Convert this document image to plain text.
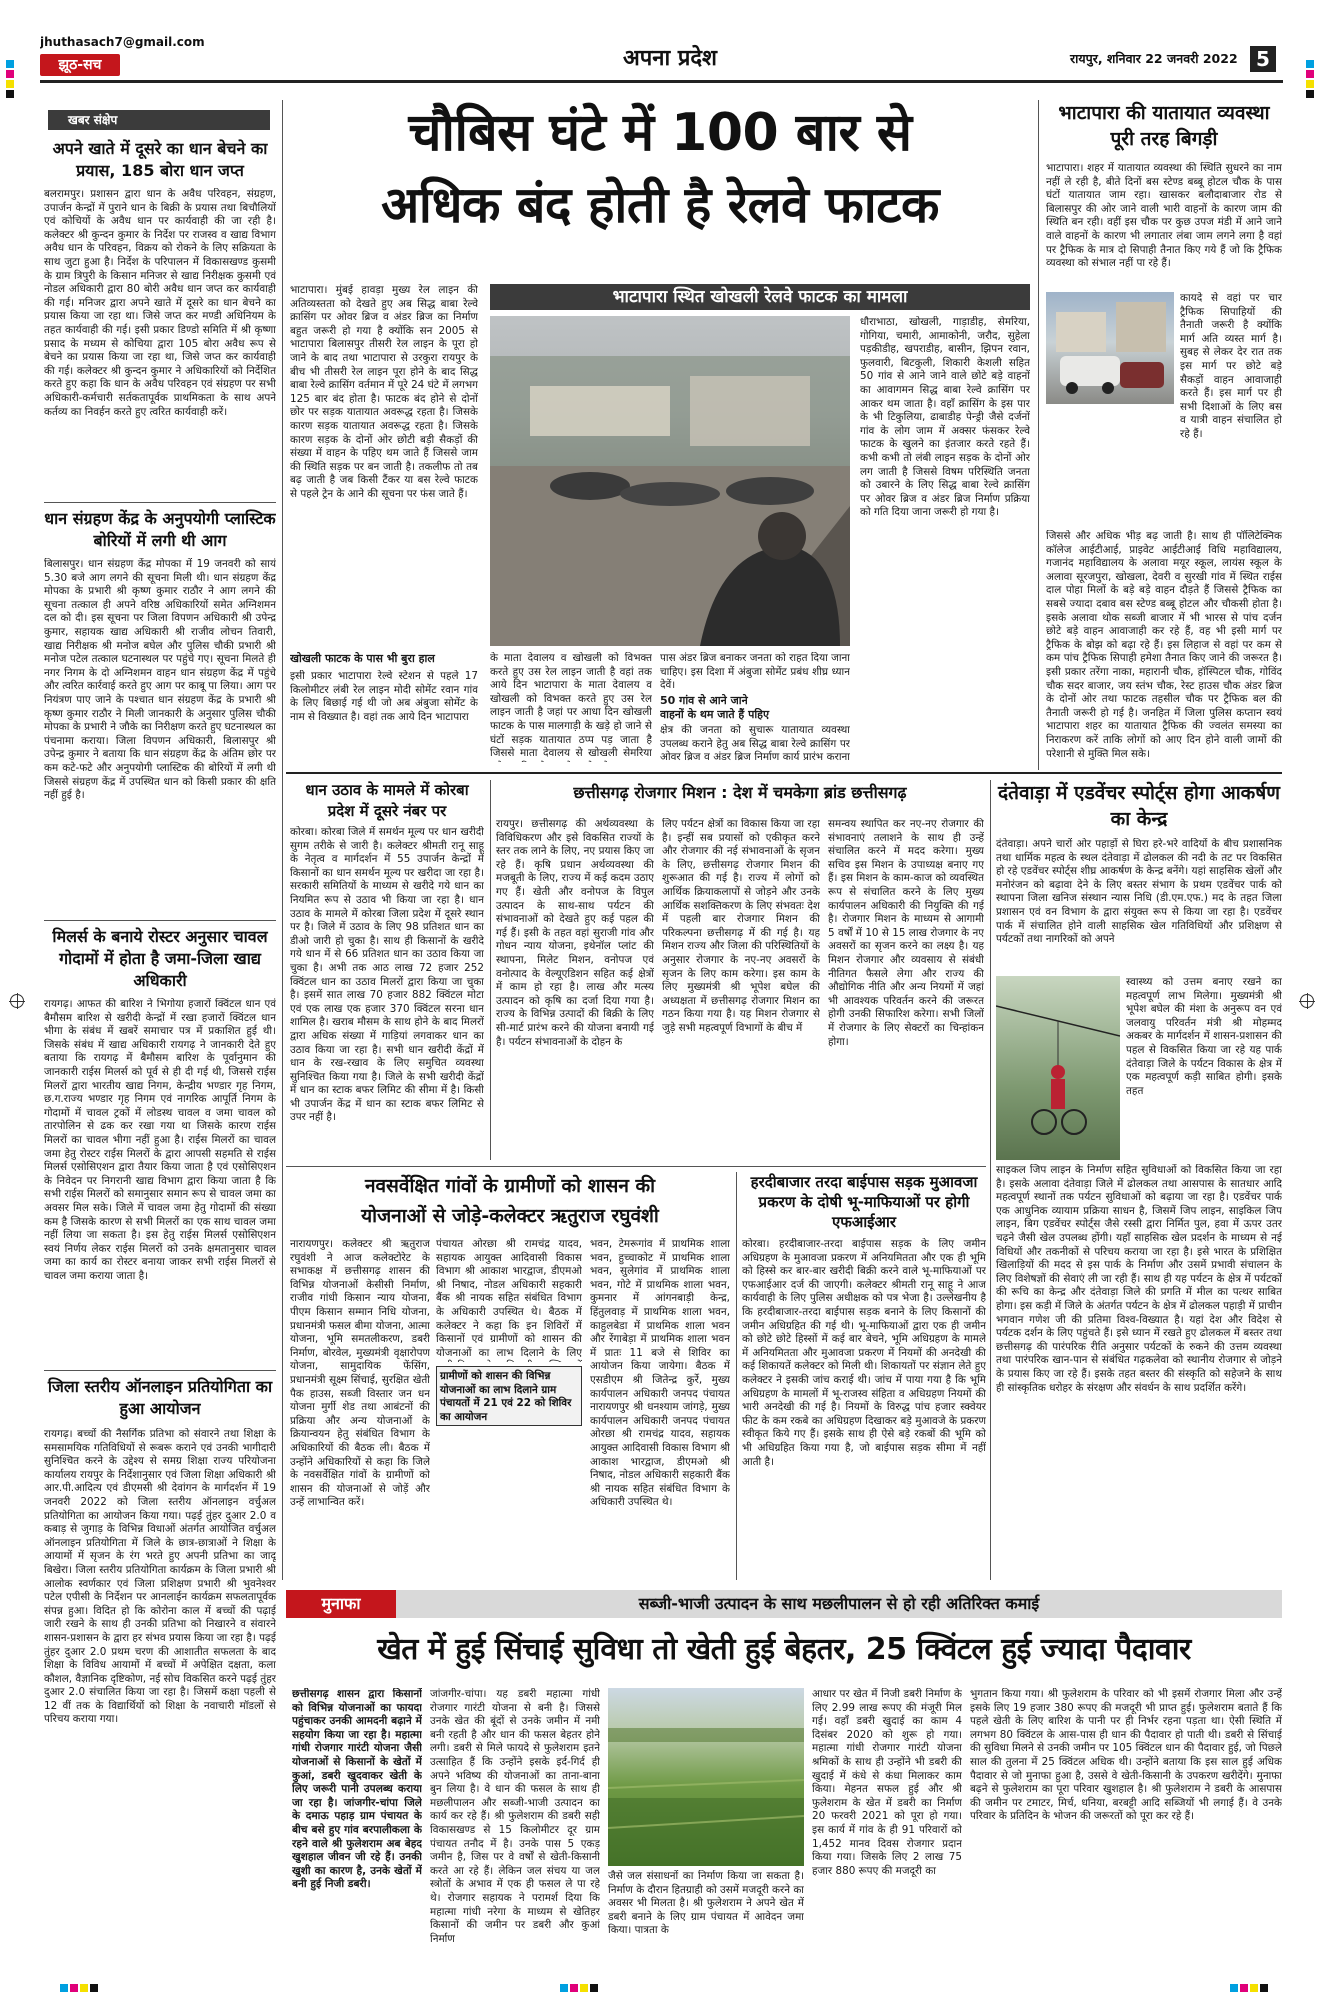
jhuthasach7@gmail.com
झूठ-सच	अपना प्रदेश	रायपुर, शनिवार 22 जनवरी 2022 5
खबर संक्षेप
अपने खाते में दूसरे का धान बेचने का प्रयास, 185 बोरा धान जप्त
बलरामपुर। प्रशासन द्वारा धान के अवैध परिवहन, संग्रहण, उपार्जन केन्द्रों में पुराने धान के बिक्री के प्रयास तथा बिचौलियों एवं कोचियों के अवैध धान पर कार्यवाही की जा रही है। कलेक्टर श्री कुन्दन कुमार के निर्देश पर राजस्व व खाद्य विभाग अवैध धान के परिवहन, विक्रय को रोकने के लिए सक्रियता के साथ जुटा हुआ है। निर्देश के परिपालन में विकासखण्ड कुसमी के ग्राम त्रिपुरी के किसान मनिजर से खाद्य निरीक्षक कुसमी एवं नोडल अधिकारी द्वारा 80 बोरी अवैध धान जप्त कर कार्यवाही की गई। मनिजर द्वारा अपने खाते में दूसरे का धान बेचने का प्रयास किया जा रहा था। जिसे जप्त कर मण्डी अधिनियम के तहत कार्यवाही की गई। इसी प्रकार डिण्डो समिति में श्री कृष्णा प्रसाद के मध्यम से कोचिया द्वारा 105 बोरा अवैध रूप से बेचने का प्रयास किया जा रहा था, जिसे जप्त कर कार्यवाही की गई। कलेक्टर श्री कुन्दन कुमार ने अधिकारियों को निर्देशित करते हुए कहा कि धान के अवैध परिवहन एवं संग्रहण पर सभी अधिकारी-कर्मचारी सर्तकतापूर्वक प्राथमिकता के साथ अपने कर्तव्य का निवर्हन करते हुए त्वरित कार्यवाही करें।
धान संग्रहण केंद्र के अनुपयोगी प्लास्टिक बोरियों में लगी थी आग
बिलासपुर। धान संग्रहण केंद्र मोपका में 19 जनवरी को सायं 5.30 बजे आग लगने की सूचना मिली थी। धान संग्रहण केंद्र मोपका के प्रभारी श्री कृष्ण कुमार राठौर ने आग लगने की सूचना तत्काल ही अपने वरिष्ठ अधिकारियों समेत अग्निशमन दल को दी। इस सूचना पर जिला विपणन अधिकारी श्री उपेन्द्र कुमार, सहायक खाद्य अधिकारी श्री राजीव लोचन तिवारी, खाद्य निरीक्षक श्री मनोज बघेल और पुलिस चौकी प्रभारी श्री मनोज पटेल तत्काल घटनास्थल पर पहुंचे गए। सूचना मिलते ही नगर निगम के दो अग्निशमन वाहन धान संग्रहण केंद्र में पहुंचे और त्वरित कार्रवाई करते हुए आग पर काबू पा लिया। आग पर नियंत्रण पाए जाने के पश्चात धान संग्रहण केंद्र के प्रभारी श्री कृष्ण कुमार राठौर ने मिली जानकारी के अनुसार पुलिस चौकी मोपका के प्रभारी ने जौके का निरीक्षण करते हुए घटनास्थल का पंचनामा कराया। जिला विपणन अधिकारी, बिलासपुर श्री उपेन्द्र कुमार ने बताया कि धान संग्रहण केंद्र के अंतिम छोर पर कम कटे-फटे और अनुपयोगी प्लास्टिक की बोरियों में लगी थी जिससे संग्रहण केंद्र में उपस्थित धान को किसी प्रकार की क्षति नहीं हुई है।
मिलर्स के बनाये रोस्टर अनुसार चावल गोदामों में होता है जमा-जिला खाद्य अधिकारी
रायगढ़। आफत की बारिश ने भिगोया हजारों क्विंटल धान एवं बैमौसम बारिश से खरीदी केन्द्रों में रखा हजारों क्विंटल धान भीगा के संबंध में खबरें समाचार पत्र में प्रकाशित हुई थी। जिसके संबंध में खाद्य अधिकारी रायगढ़ ने जानकारी देते हुए बताया कि रायगढ़ में बैमौसम बारिश के पूर्वानुमान की जानकारी राईस मिलर्स को पूर्व से ही दी गई थी, जिससे राईस मिलरों द्वारा भारतीय खाद्य निगम, केन्द्रीय भण्डार गृह निगम, छ.ग.राज्य भण्डार गृह निगम एवं नागरिक आपूर्ति निगम के गोदामों में चावल ट्रकों में लोडस्थ चावल व जमा चावल को तारपोलिन से ढक कर रखा गया था जिसके कारण राईस मिलरों का चावल भीगा नहीं हुआ है। राईस मिलरों का चावल जमा हेतु रोस्टर राईस मिलरों के द्वारा आपसी सहमति से राईस मिलर्स एसोसिएशन द्वारा तैयार किया जाता है एवं एसोसिएशन के निवेदन पर निगरानी खाद्य विभाग द्वारा किया जाता है कि सभी राईस मिलरों को समानुसार समान रूप से चावल जमा का अवसर मिल सके। जिले में चावल जमा हेतु गोदामों की संख्या कम है जिसके कारण से सभी मिलरों का एक साथ चावल जमा नहीं लिया जा सकता है। इस हेतु राईस मिलर्स एसोसिएशन स्वयं निर्णय लेकर राईस मिलरों को उनके क्षमतानुसार चावल जमा का कार्य का रोस्टर बनाया जाकर सभी राईस मिलरों से चावल जमा कराया जाता है।
जिला स्तरीय ऑनलाइन प्रतियोगिता का हुआ आयोजन
रायगढ़। बच्चों की नैसर्गिक प्रतिभा को संवारने तथा शिक्षा के समसामयिक गतिविधियों से रूबरू कराने एवं उनकी भागीदारी सुनिश्चित करने के उद्देश्य से समग्र शिक्षा राज्य परियोजना कार्यालय रायपुर के निर्देशानुसार एवं जिला शिक्षा अधिकारी श्री आर.पी.आदित्य एवं डीएमसी श्री देवांगन के मार्गदर्शन में 19 जनवरी 2022 को जिला स्तरीय ऑनलाइन वर्चुअल प्रतियोगिता का आयोजन किया गया। पढ़ई तुंहर दुआर 2.0 व कबाड़ से जुगाड़ के विभिन्न विधाओं अंतर्गत आयोजित वर्चुअल ऑनलाइन प्रतियोगिता में जिले के छात्र-छात्राओं ने शिक्षा के आयामों में सृजन के रंग भरते हुए अपनी प्रतिभा का जादू बिखेरा। जिला स्तरीय प्रतियोगिता कार्यक्रम के जिला प्रभारी श्री आलोक स्वर्णकार एवं जिला प्रशिक्षण प्रभारी श्री भुवनेश्वर पटेल एपीसी के निर्देशन पर आनलाईन कार्यक्रम सफलतापूर्वक संपन्न हुआ। विदित हो कि कोरोना काल में बच्चों की पढ़ाई जारी रखने के साथ ही उनकी प्रतिभा को निखारने व संवारने शासन-प्रशासन के द्वारा हर संभव प्रयास किया जा रहा है। पढ़ई तुंहर दुआर 2.0 प्रथम चरण की आशातीत सफलता के बाद शिक्षा के विविध आयामों में बच्चों में अपेक्षित दक्षता, कला कौशल, वैज्ञानिक दृष्टिकोण, नई सोच विकसित करने पढ़ई तुंहर दुआर 2.0 संचालित किया जा रहा है। जिसमें कक्षा पहली से 12 वीं तक के विद्यार्थियों को शिक्षा के नवाचारी मॉडलों से परिचय कराया गया।
चौबिस घंटे में 100 बार से
अधिक बंद होती है रेलवे फाटक
भाटापारा स्थित खोखली रेलवे फाटक का मामला
भाटापारा। मुंबई हावड़ा मुख्य रेल लाइन की अतिव्यस्तता को देखते हुए अब सिद्ध बाबा रेल्वे क्रासिंग पर ओवर ब्रिज व अंडर ब्रिज का निर्माण बहुत जरूरी हो गया है क्योंकि सन 2005 से भाटापारा बिलासपुर तीसरी रेल लाइन के पूरा हो जाने के बाद तथा भाटापारा से उरकुरा रायपुर के बीच भी तीसरी रेल लाइन पूरा होने के बाद सिद्ध बाबा रेल्वे क्रासिंग वर्तमान में पूरे 24 घंटे में लगभग 125 बार बंद होता है। फाटक बंद होने से दोनों छोर पर सड़क यातायात अवरूद्ध रहता है। जिसके कारण सड़क यातायात अवरूद्ध रहता है। जिसके कारण सड़क के दोनों ओर छोटी बड़ी सैकड़ों की संख्या में वाहन के पहिए थम जाते हैं जिससे जाम की स्थिति सड़क पर बन जाती है। तकलीफ तो तब बढ़ जाती है जब किसी टैंकर या बस रेल्वे फाटक से पहले ट्रेन के आने की सूचना पर फंस जाते हैं।
खोखली फाटक के पास भी बुरा हाल
इसी प्रकार भाटापारा रेल्वे स्टेशन से पहले 17 किलोमीटर लंबी रेल लाइन मोदी सोमेंट रवान गांव के लिए बिछाई गई थी जो अब अंबुजा सोमेंट के नाम से विख्यात है। वहां तक आये दिन भाटापारा
के माता देवालय व खोखली को विभक्त करते हुए उस रेल लाइन जाती है वहां तक आये दिन भाटापारा के माता देवालय व खोखली को विभक्त करते हुए उस रेल लाइन जाती है जहां पर आधा दिन खोखली फाटक के पास मालगाड़ी के खड़े हो जाने से घंटों सड़क यातायात ठप्प पड़ जाता है जिससे माता देवालय से खोखली सेमरिया
पास अंडर ब्रिज बनाकर जनता को राहत दिया जाना चाहिए। इस दिशा में अंबुजा सोमेंट प्रबंध शीघ्र ध्यान देवें।
50 गांव से आने जाने
वाहनों के थम जाते हैं पहिए
क्षेत्र की जनता को सुचारू यातायात व्यवस्था उपलब्ध कराने हेतु अब सिद्ध बाबा रेल्वे क्रासिंग पर ओवर ब्रिज व अंडर ब्रिज निर्माण कार्य प्रारंभ कराना
धौराभाठा, खोखली, गाड़ाडीह, सेमरिया, गोगिया, चमारी, आमाकोनी, जरौद, सुहेला पड़कीडीह, खपराडीह, बासीन, झिपन रवान, फुलवारी, बिटकुली, शिकारी केशली सहित 50 गांव से आने जाने वाले छोटे बड़े वाहनों का आवागमन सिद्ध बाबा रेल्वे क्रासिंग पर आकर थम जाता है। वहाँ क्रासिंग के इस पार के भी टिकुलिया, ढाबाडीह पेन्ड्री जैसे दर्जनों गांव के लोग जाम में अक्सर फंसकर रेल्वे फाटक के खुलने का इंतजार करते रहते हैं। कभी कभी तो लंबी लाइन सड़क के दोनों ओर लग जाती है जिससे विषम परिस्थिति जनता को उबारने के लिए सिद्ध बाबा रेल्वे क्रासिंग पर ओवर ब्रिज व अंडर ब्रिज निर्माण प्रक्रिया को गति दिया जाना जरूरी हो गया है।
भाटापारा की यातायात व्यवस्था पूरी तरह बिगड़ी
भाटापारा। शहर में यातायात व्यवस्था की स्थिति सुधरने का नाम नहीं ले रही है, बीते दिनों बस स्टेण्ड बब्बू होटल चौक के पास घंटों यातायात जाम रहा। खासकर बलौदाबाजार रोड से बिलासपुर की ओर जाने वाली भारी वाहनों के कारण जाम की स्थिति बन रही। वहीं इस चौक पर कुछ उपज मंडी में आने जाने वाले वाहनों के कारण भी लगातार लंबा जाम लगने लगा है वहां पर ट्रैफिक के मात्र दो सिपाही तैनात किए गये हैं जो कि ट्रैफिक व्यवस्था को संभाल नहीं पा रहे हैं।
कायदे से वहां पर चार ट्रैफिक सिपाहियों की तैनाती जरूरी है क्योंकि मार्ग अति व्यस्त मार्ग है। सुबह से लेकर देर रात तक इस मार्ग पर छोटे बड़े सैकड़ों वाहन आवाजाही करते हैं। इस मार्ग पर ही सभी दिशाओं के लिए बस व यात्री वाहन संचालित हो रहे हैं।
जिससे और अधिक भीड़ बढ़ जाती है। साथ ही पॉलिटेक्निक कॉलेज आईटीआई, प्राइवेट आईटीआई विधि महाविद्यालय, गजानंद महाविद्यालय के अलावा मयूर स्कूल, लायंस स्कूल के अलावा सूरजपुरा, खोखला, देवरी व सुरखी गांव में स्थित राईस दाल पोहा मिलों के बड़े बड़े वाहन दौड़ते हैं जिससे ट्रैफिक का सबसे ज्यादा दबाव बस स्टेण्ड बब्बू होटल और चौकसी होता है। इसके अलावा थोक सब्जी बाजार में भी भारस से पांच दर्जन छोटे बड़े वाहन आवाजाही कर रहे हैं, वह भी इसी मार्ग पर ट्रैफिक के बोझ को बढ़ा रहे हैं। इस लिहाज से वहां पर कम से कम पांच ट्रैफिक सिपाही हमेशा तैनात किए जाने की जरूरत है। इसी प्रकार तरेंगा नाका, महारानी चौक, हॉस्पिटल चौक, गोविंद चौक सदर बाजार, जय स्तंभ चौक, रेस्ट हाउस चौक अंडर ब्रिज के दोनों ओर तथा फाटक तहसील चौक पर ट्रैफिक बल की तैनाती जरूरी हो गई है। जनहित में जिला पुलिस कप्तान स्वयं भाटापारा शहर का यातायात ट्रैफिक की ज्वलंत समस्या का निराकरण करें ताकि लोगों को आए दिन होने वाली जामों की परेशानी से मुक्ति मिल सके।
धान उठाव के मामले में कोरबा प्रदेश में दूसरे नंबर पर
कोरबा। कोरबा जिले में समर्थन मूल्य पर धान खरीदी सुगम तरीके से जारी है। कलेक्टर श्रीमती रानू साहू के नेतृत्व व मार्गदर्शन में 55 उपार्जन केन्द्रों में किसानों का धान समर्थन मूल्य पर खरीदा जा रहा है। सरकारी समितियों के माध्यम से खरीदे गये धान का नियमित रूप से उठाव भी किया जा रहा है। धान उठाव के मामले में कोरबा जिला प्रदेश में दूसरे स्थान पर है। जिले में उठाव के लिए 98 प्रतिशत धान का डीओ जारी हो चुका है। साथ ही किसानों के खरीदे गये धान में से 66 प्रतिशत धान का उठाव किया जा चुका है। अभी तक आठ लाख 72 हजार 252 क्विंटल धान का उठाव मिलरों द्वारा किया जा चुका है। इसमें सात लाख 70 हजार 882 क्विंटल मोटा एवं एक लाख एक हजार 370 क्विंटल सरना धान शामिल है। खराब मौसम के साथ होने के बाद मिलरों द्वारा अधिक संख्या में गाड़ियां लगवाकर धान का उठाव किया जा रहा है। सभी धान खरीदी केंद्रों में धान के रख-रखाव के लिए समुचित व्यवस्था सुनिश्चित किया गया है। जिले के सभी खरीदी केंद्रों में धान का स्टाक बफर लिमिट की सीमा में है। किसी भी उपार्जन केंद्र में धान का स्टाक बफर लिमिट से उपर नहीं है।
छत्तीसगढ़ रोजगार मिशन : देश में चमकेगा ब्रांड छत्तीसगढ़
रायपुर। छत्तीसगढ़ की अर्थव्यवस्था के विविधिकरण और इसे विकसित राज्यों के स्तर तक लाने के लिए, नए प्रयास किए जा रहे हैं। कृषि प्रधान अर्थव्यवस्था की मजबूती के लिए, राज्य में कई कदम उठाए गए हैं। खेती और वनोपज के विपुल उत्पादन के साथ-साथ पर्यटन की संभावनाओं को देखते हुए कई पहल की गई हैं। इसी के तहत वहां सुराजी गांव और गोधन न्याय योजना, इथेनॉल प्लांट की स्थापना, मिलेट मिशन, वनोपज एवं वनोत्पाद के वेल्यूएडिशन सहित कई क्षेत्रों में काम हो रहा है। लाख और मत्स्य उत्पादन को कृषि का दर्जा दिया गया है। राज्य के विभिन्न उत्पादों की बिक्री के लिए सी-मार्ट प्रारंभ करने की योजना बनायी गई है। पर्यटन संभावनाओं के दोहन के
लिए पर्यटन क्षेत्रों का विकास किया जा रहा है। इन्हीं सब प्रयासों को एकीकृत करने और रोजगार की नई संभावनाओं के सृजन के लिए, छत्तीसगढ़ रोजगार मिशन की शुरूआत की गई है। राज्य में लोगों को आर्थिक क्रियाकलापों से जोड़ने और उनके आर्थिक सशक्तिकरण के लिए संभवतः देश में पहली बार रोजगार मिशन की परिकल्पना छत्तीसगढ़ में की गई है। यह मिशन राज्य और जिला की परिस्थितियों के अनुसार रोजगार के नए-नए अवसरों के सृजन के लिए काम करेगा। इस काम के लिए मुख्यमंत्री श्री भूपेश बघेल की अध्यक्षता में छत्तीसगढ़ रोजगार मिशन का गठन किया गया है। यह मिशन रोजगार से जुड़े सभी महत्वपूर्ण विभागों के बीच में
समन्वय स्थापित कर नए-नए रोजगार की संभावनाएं तलाशने के साथ ही उन्हें संचालित करने में मदद करेगा। मुख्य सचिव इस मिशन के उपाध्यक्ष बनाए गए हैं। इस मिशन के काम-काज को व्यवस्थित रूप से संचालित करने के लिए मुख्य कार्यपालन अधिकारी की नियुक्ति की गई है। रोजगार मिशन के माध्यम से आगामी 5 वर्षों में 10 से 15 लाख रोजगार के नए अवसरों का सृजन करने का लक्ष्य है। यह मिशन रोजगार और व्यवसाय से संबंधी नीतिगत फैसले लेगा और राज्य की औद्योगिक नीति और अन्य नियमों में जहां भी आवश्यक परिवर्तन करने की जरूरत होगी उनकी सिफारिश करेगा। सभी जिलों में रोजगार के लिए सेक्टरों का चिन्हांकन होगा।
दंतेवाड़ा में एडवेंचर स्पोर्ट्स होगा आकर्षण का केन्द्र
दंतेवाड़ा। अपने चारों ओर पहाड़ों से घिरा हरे-भरे वादियों के बीच प्रशासनिक तथा धार्मिक महत्व के स्थल दंतेवाड़ा में ढोलकल की नदी के तट पर विकसित हो रहे एडवेंचर स्पोर्ट्स शीघ्र आकर्षण के केन्द्र बनेंगे। यहां साहसिक खेलों और मनोरंजन को बढ़ावा देने के लिए बस्तर संभाग के प्रथम एडवेंचर पार्क को स्थापना जिला खनिज संस्थान न्यास निधि (डी.एम.एफ.) मद के तहत जिला प्रशासन एवं वन विभाग के द्वारा संयुक्त रूप से किया जा रहा है। एडवेंचर पार्क में संचालित होने वाली साहसिक खेल गतिविधियों और प्रशिक्षण से पर्यटकों तथा नागरिकों को अपने
स्वास्थ्य को उत्तम बनाए रखने का महत्वपूर्ण लाभ मिलेगा। मुख्यमंत्री श्री भूपेश बघेल की मंशा के अनुरूप वन एवं जलवायु परिवर्तन मंत्री श्री मोहम्मद अकबर के मार्गदर्शन में शासन-प्रशासन की पहल से विकसित किया जा रहे यह पार्क दंतेवाड़ा जिले के पर्यटन विकास के क्षेत्र में एक महत्वपूर्ण कड़ी साबित होगी। इसके तहत
साइकल जिप लाइन के निर्माण सहित सुविधाओं को विकसित किया जा रहा है। इसके अलावा दंतेवाड़ा जिले में ढोलकल तथा आसपास के सातधार आदि महत्वपूर्ण स्थानों तक पर्यटन सुविधाओं को बढ़ाया जा रहा है। एडवेंचर पार्क एक आधुनिक व्यायाम प्रक्रिया साधन है, जिसमें जिप लाइन, साइकिल जिप लाइन, बिग एडवेंचर स्पोर्ट्स जैसे रस्सी द्वारा निर्मित पुल, हवा में ऊपर उतर चढ़ने जैसी खेल उपलब्ध होंगी। यहाँ साहसिक खेल प्रदर्शन के माध्यम से नई विधियों और तकनीकों से परिचय कराया जा रहा है। इसे भारत के प्रशिक्षित खिलाड़ियों की मदद से इस पार्क के निर्माण और उसमें प्रभावी संचालन के लिए विशेषज्ञों की सेवाएं ली जा रही हैं। साथ ही यह पर्यटन के क्षेत्र में पर्यटकों की रूचि का केन्द्र और दंतेवाड़ा जिले की प्रगति में मील का पत्थर साबित होगा। इस कड़ी में जिले के अंतर्गत पर्यटन के क्षेत्र में ढोलकल पहाड़ी में प्राचीन भगवान गणेश जी की प्रतिमा विश्व-विख्यात है। यहां देश और विदेश से पर्यटक दर्शन के लिए पहुंचते हैं। इसे ध्यान में रखते हुए ढोलकल में बस्तर तथा छत्तीसगढ़ की पारंपरिक रीति अनुसार पर्यटकों के रुकने की उत्तम व्यवस्था तथा पारंपरिक खान-पान से संबंधित गढ़कलेवा को स्थानीय रोजगार से जोड़ने के प्रयास किए जा रहे हैं। इसके तहत बस्तर की संस्कृति को सहेजने के साथ ही सांस्कृतिक धरोहर के संरक्षण और संवर्धन के साथ प्रदर्शित करेंगे।
नवसर्वेक्षित गांवों के ग्रामीणों को शासन की
योजनाओं से जोड़े-कलेक्टर ऋतुराज रघुवंशी
नारायणपुर। कलेक्टर श्री ऋतुराज रघुवंशी ने आज कलेक्टोरेट के सभाकक्ष में छत्तीसगढ़ शासन की विभिन्न योजनाओं केसीसी निर्माण, राजीव गांधी किसान न्याय योजना, पीएम किसान सम्मान निधि योजना, प्रधानमंत्री फसल बीमा योजना, आत्मा योजना, भूमि समतलीकरण, डबरी निर्माण, बोरवेल, मुख्यमंत्री वृक्षारोपण योजना, सामुदायिक फेंसिंग, प्रधानमंत्री सूक्ष्म सिंचाई, सुरक्षित खेती पैक हाउस, सब्जी विस्तार जन धन योजना मुर्गी शेड तथा आबंटनों की प्रक्रिया और अन्य योजनाओं के क्रियान्वयन हेतु संबंधित विभाग के अधिकारियों की बैठक ली। बैठक में उन्होंने अधिकारियों से कहा कि जिले के नवसर्वेक्षित गांवों के ग्रामीणों को शासन की योजनाओं से जोड़ें और उन्हें लाभान्वित करें।
ग्रामीणों को शासन की विभिन्न योजनाओं का लाभ दिलाने ग्राम पंचायतों में 21 एवं 22 को शिविर का आयोजन
पंचायत ओरछा श्री रामचंद्र यादव, सहायक आयुक्त आदिवासी विकास विभाग श्री आकाश भारद्वाज, डीएमओ श्री निषाद, नोडल अधिकारी सहकारी बैंक श्री नायक सहित संबंधित विभाग के अधिकारी उपस्थित थे। बैठक में कलेक्टर ने कहा कि इन शिविरों में किसानों एवं ग्रामीणों को शासन की योजनाओं का लाभ दिलाने के लिए
भवन, टेमरूगांव में प्राथमिक शाला भवन, हुच्चाकोट में प्राथमिक शाला भवन, सुलेगांव में प्राथमिक शाला भवन, गोटे में प्राथमिक शाला भवन, कुमनार में आंगनबाड़ी केन्द्र, हिंतुलवाड़ में प्राथमिक शाला भवन, काहुलबेडा में प्राथमिक शाला भवन और रेंगाबेड़ा में प्राथमिक शाला भवन में प्रातः 11 बजे से शिविर का आयोजन किया जायेगा। बैठक में एसडीएम श्री जितेन्द्र कुर्रे, मुख्य कार्यपालन अधिकारी जनपद पंचायत नारायणपुर श्री धनश्याम जांगड़े, मुख्य कार्यपालन अधिकारी जनपद पंचायत ओरछा श्री रामचंद्र यादव, सहायक आयुक्त आदिवासी विकास विभाग श्री आकाश भारद्वाज, डीएमओ श्री निषाद, नोडल अधिकारी सहकारी बैंक श्री नायक सहित संबंधित विभाग के अधिकारी उपस्थित थे।
हरदीबाजार तरदा बाईपास सड़क मुआवजा प्रकरण के दोषी भू-माफियाओं पर होगी एफआईआर
कोरबा। हरदीबाजार-तरदा बाईपास सड़क के लिए जमीन अधिग्रहण के मुआवजा प्रकरण में अनियमितता और एक ही भूमि को हिस्से कर बार-बार खरीदी बिक्री करने वाले भू-माफियाओं पर एफआईआर दर्ज की जाएगी। कलेक्टर श्रीमती रानू साहू ने आज कार्यवाही के लिए पुलिस अधीक्षक को पत्र भेजा है। उल्लेखनीय है कि हरदीबाजार-तरदा बाईपास सड़क बनाने के लिए किसानों की जमीन अधिग्रहित की गई थी। भू-माफियाओं द्वारा एक ही जमीन को छोटे छोटे हिस्सों में कई बार बेचने, भूमि अधिग्रहण के मामले में अनियमितता और मुआवजा प्रकरण में नियमों की अनदेखी की कई शिकायतें कलेक्टर को मिली थी। शिकायतों पर संज्ञान लेते हुए कलेक्टर ने इसकी जांच कराई थी। जांच में पाया गया है कि भूमि अधिग्रहण के मामलों में भू-राजस्व संहिता व अधिग्रहण नियमों की भारी अनदेखी की गई है। नियमों के विरुद्ध पांच हजार स्क्वेयर फीट के कम रकबे का अधिग्रहण दिखाकर बड़े मुआवजे के प्रकरण स्वीकृत किये गए हैं। इसके साथ ही ऐसे बड़े रकबों की भूमि को भी अधिग्रहित किया गया है, जो बाईपास सड़क सीमा में नहीं आती है।
मुनाफा	सब्जी-भाजी उत्पादन के साथ मछलीपालन से हो रही अतिरिक्त कमाई
खेत में हुई सिंचाई सुविधा तो खेती हुई बेहतर, 25 क्विंटल हुई ज्यादा पैदावार
छत्तीसगढ़ शासन द्वारा किसानों को विभिन्न योजनाओं का फायदा पहुंचाकर उनकी आमदनी बढ़ाने में सहयोग किया जा रहा है। महात्मा गांधी रोजगार गारंटी योजना जैसी योजनाओं से किसानों के खेतों में कुआं, डबरी खुदवाकर खेती के लिए जरूरी पानी उपलब्ध कराया जा रहा है। जांजगीर-चांपा जिले के दमाऊ पहाड़ ग्राम पंचायत के बीच बसे हुए गांव बरपालीकला के रहने वाले श्री फुलेशराम अब बेहद खुशहाल जीवन जी रहे हैं। उनकी खुशी का कारण है, उनके खेतों में बनी हुई निजी डबरी।
जांजगीर-चांपा। यह डबरी महात्मा गांधी रोजगार गारंटी योजना से बनी है। जिससे उनके खेत की बूंदों से उनके जमीन में नमी बनी रहती है और धान की फसल बेहतर होने लगी। डबरी से मिले फायदे से फुलेशराम इतने उत्साहित हैं कि उन्होंने इसके इर्द-गिर्द ही अपने भविष्य की योजनाओं का ताना-बाना बुन लिया है। वे धान की फसल के साथ ही मछलीपालन और सब्जी-भाजी उत्पादन का कार्य कर रहे हैं। श्री फुलेशराम की डबरी सही विकासखण्ड से 15 किलोमीटर दूर ग्राम पंचायत तनौद में है। उनके पास 5 एकड़ जमीन है, जिस पर वे वर्षों से खेती-किसानी करते आ रहे हैं। लेकिन जल संचय या जल स्त्रोतों के अभाव में एक ही फसल ले पा रहे थे। रोजगार सहायक ने परामर्श दिया कि महात्मा गांधी नरेगा के माध्यम से खेतिहर किसानों की जमीन पर डबरी और कुआं निर्माण
जैसे जल संसाधनों का निर्माण किया जा सकता है। निर्माण के दौरान हितग्राही को उसमें मजदूरी करने का अवसर भी मिलता है। श्री फुलेशराम ने अपने खेत में डबरी बनाने के लिए ग्राम पंचायत में आवेदन जमा किया। पात्रता के
आधार पर खेत में निजी डबरी निर्माण के लिए 2.99 लाख रूपए की मंजूरी मिल गई। वहाँ डबरी खुदाई का काम 4 दिसंबर 2020 को शुरू हो गया। महात्मा गांधी रोजगार गारंटी योजना श्रमिकों के साथ ही उन्होंने भी डबरी की खुदाई में कंधे से कंधा मिलाकर काम किया। मेहनत सफल हुई और श्री फुलेशराम के खेत में डबरी का निर्माण 20 फरवरी 2021 को पूरा हो गया। इस कार्य में गांव के ही 91 परिवारों को 1,452 मानव दिवस रोजगार प्रदान किया गया। जिसके लिए 2 लाख 75 हजार 880 रूपए की मजदूरी का
भुगतान किया गया। श्री फुलेशराम के परिवार को भी इसमें रोजगार मिला और उन्हें इसके लिए 19 हजार 380 रूपए की मजदूरी भी प्राप्त हुई। फुलेशराम बताते हैं कि पहले खेती के लिए बारिश के पानी पर ही निर्भर रहना पड़ता था। ऐसी स्थिति में लगभग 80 क्विंटल के आस-पास ही धान की पैदावार हो पाती थी। डबरी से सिंचाई की सुविधा मिलने से उनकी जमीन पर 105 क्विंटल धान की पैदावार हुई, जो पिछले साल की तुलना में 25 क्विंटल अधिक थी। उन्होंने बताया कि इस साल हुई अधिक पैदावार से जो मुनाफा हुआ है, उससे वे खेती-किसानी के उपकरण खरीदेंगे। मुनाफा बढ़ने से फुलेशराम का पूरा परिवार खुशहाल है। श्री फुलेशराम ने डबरी के आसपास की जमीन पर टमाटर, मिर्च, धनिया, बरबट्टी आदि सब्जियों भी लगाई हैं। वे उनके परिवार के प्रतिदिन के भोजन की जरूरतों को पूरा कर रहे हैं।
